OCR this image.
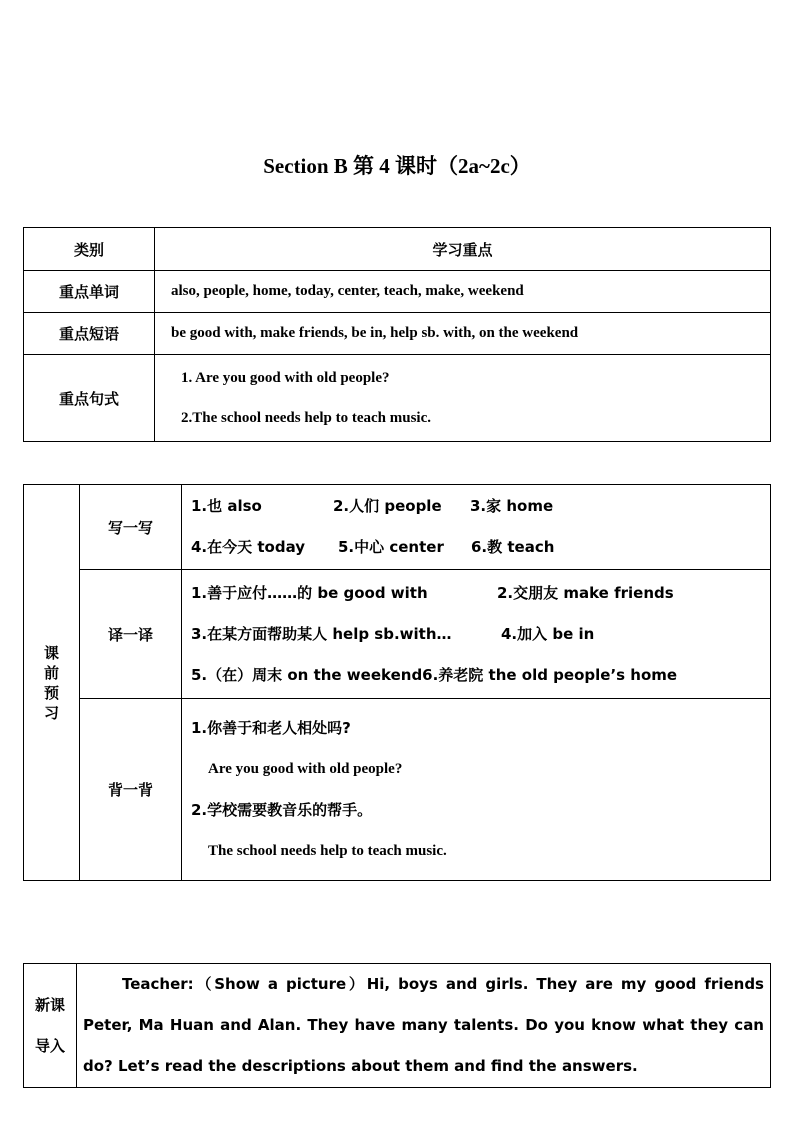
Section B 第 4 课时（2a~2c）
类别	学习重点
重点单词	also, people, home, today, center, teach, make, weekend
重点短语	be good with, make friends, be in, help sb. with, on the weekend
重点句式	1. Are you good with old people?
2.The school needs help to teach music.
课前预习	写一写	1.也 also 2.人们 people 3.家 home
4.在今天 today 5.中心 center 6.教 teach

	译一译	1.善于应付……的 be good with 2.交朋友 make friends
3.在某方面帮助某人 help sb.with… 4.加入 be in
5.（在）周末 on the weekend6.养老院 the old people’s home

	背一背	1.你善于和老人相处吗?
Are you good with old people?
2.学校需要教音乐的帮手。
The school needs help to teach music.
新课导入	
Teacher:（Show a picture）Hi, boys and girls. They are my good friends Peter, Ma Huan and Alan. They have many talents. Do you know what they can do? Let’s read the descriptions about them and find the answers.
